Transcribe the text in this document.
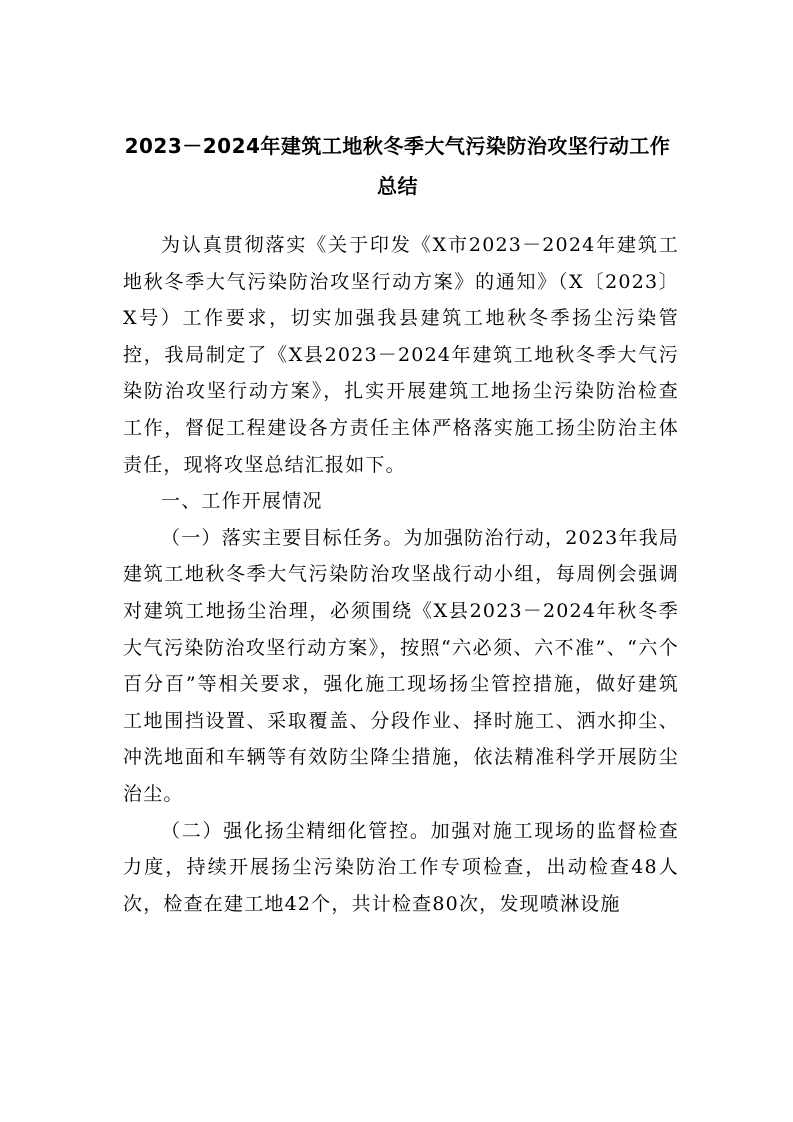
2023－2024年建筑工地秋冬季大气污染防治攻坚行动工作
总结

为认真贯彻落实《关于印发《X市2023－2024年建筑工地秋冬季大气污染防治攻坚行动方案》的通知》（X〔2023〕X号）工作要求，切实加强我县建筑工地秋冬季扬尘污染管控，我局制定了《X县2023－2024年建筑工地秋冬季大气污染防治攻坚行动方案》，扎实开展建筑工地扬尘污染防治检查工作，督促工程建设各方责任主体严格落实施工扬尘防治主体责任，现将攻坚总结汇报如下。

一、工作开展情况

（一）落实主要目标任务。为加强防治行动，2023年我局建筑工地秋冬季大气污染防治攻坚战行动小组，每周例会强调对建筑工地扬尘治理，必须围绕《X县2023－2024年秋冬季大气污染防治攻坚行动方案》，按照“六必须、六不准”、“六个百分百”等相关要求，强化施工现场扬尘管控措施，做好建筑工地围挡设置、采取覆盖、分段作业、择时施工、洒水抑尘、冲洗地面和车辆等有效防尘降尘措施，依法精准科学开展防尘治尘。

（二）强化扬尘精细化管控。加强对施工现场的监督检查力度，持续开展扬尘污染防治工作专项检查，出动检查48人次，检查在建工地42个，共计检查80次，发现喷淋设施
